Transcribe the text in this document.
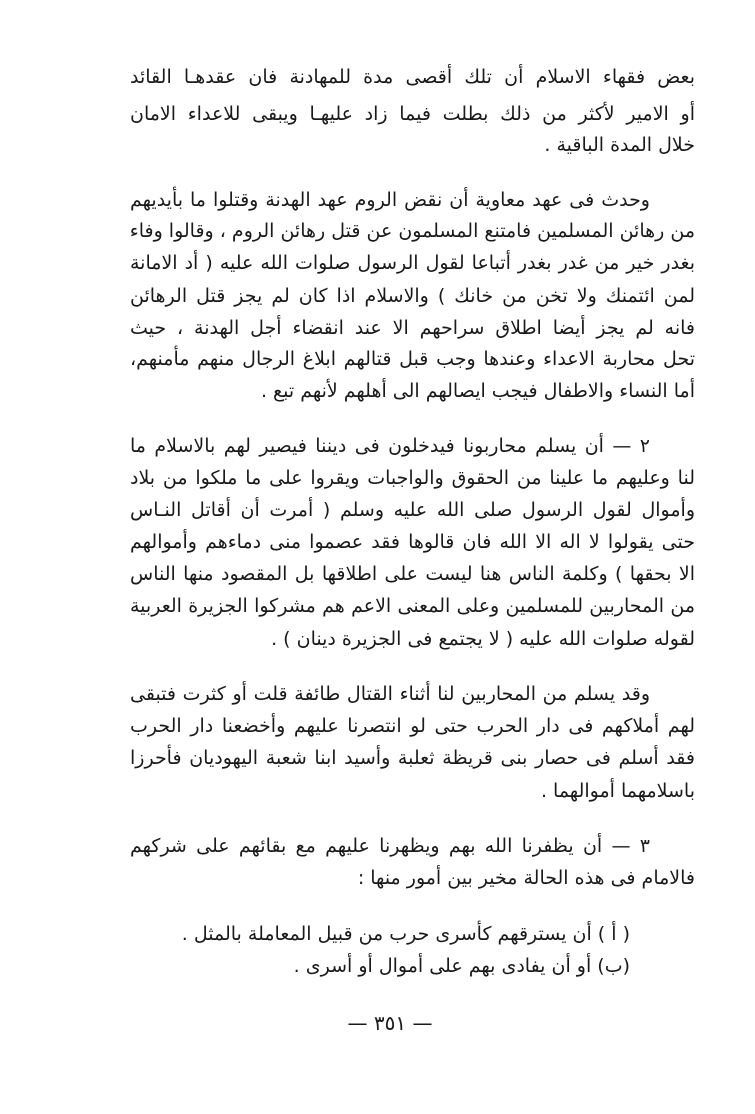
بعض فقهاء الاسلام أن تلك أقصى مدة للمهادنة فان عقدهـا القائد

أو الامير لأكثر من ذلك بطلت فيما زاد عليهـا ويبقى للاعداء الامان

خلال المدة الباقية .

وحدث فى عهد معاوية أن نقض الروم عهد الهدنة وقتلوا ما بأيديهم

من رهائن المسلمين فامتنع المسلمون عن قتل رهائن الروم ، وقالوا وفاء

بغدر خير من غدر بغدر أتباعا لقول الرسول صلوات الله عليه ( أد الامانة

لمن ائتمنك ولا تخن من خانك ) والاسلام اذا كان لم يجز قتل الرهائن

فانه لم يجز أيضا اطلاق سراحهم الا عند انقضاء أجل الهدنة ، حيث

تحل محاربة الاعداء وعندها وجب قبل قتالهم ابلاغ الرجال منهم مأمنهم،

أما النساء والاطفال فيجب ايصالهم الى أهلهم لأنهم تبع .

٢ — أن يسلم محاربونا فيدخلون فى ديننا فيصير لهم بالاسلام ما

لنا وعليهم ما علينا من الحقوق والواجبات ويقروا على ما ملكوا من بلاد

وأموال لقول الرسول صلى الله عليه وسلم ( أمرت أن أقاتل النـاس

حتى يقولوا لا اله الا الله فان قالوها فقد عصموا منى دماءهم وأموالهم

الا بحقها ) وكلمة الناس هنا ليست على اطلاقها بل المقصود منها الناس

من المحاربين للمسلمين وعلى المعنى الاعم هم مشركوا الجزيرة العربية

لقوله صلوات الله عليه ( لا يجتمع فى الجزيرة دينان ) .

وقد يسلم من المحاربين لنا أثناء القتال طائفة قلت أو كثرت فتبقى

لهم أملاكهم فى دار الحرب حتى لو انتصرنا عليهم وأخضعنا دار الحرب

فقد أسلم فى حصار بنى قريظة ثعلبة وأسيد ابنا شعبة اليهوديان فأحرزا

باسلامهما أموالهما .

٣ — أن يظفرنا الله بهم ويظهرنا عليهم مع بقائهم على شركهم

فالامام فى هذه الحالة مخير بين أمور منها :

( أ ) أن يسترقهم كأسرى حرب من قبيل المعاملة بالمثل .

(ب) أو أن يفادى بهم على أموال أو أسرى .

— ٣٥١ —
